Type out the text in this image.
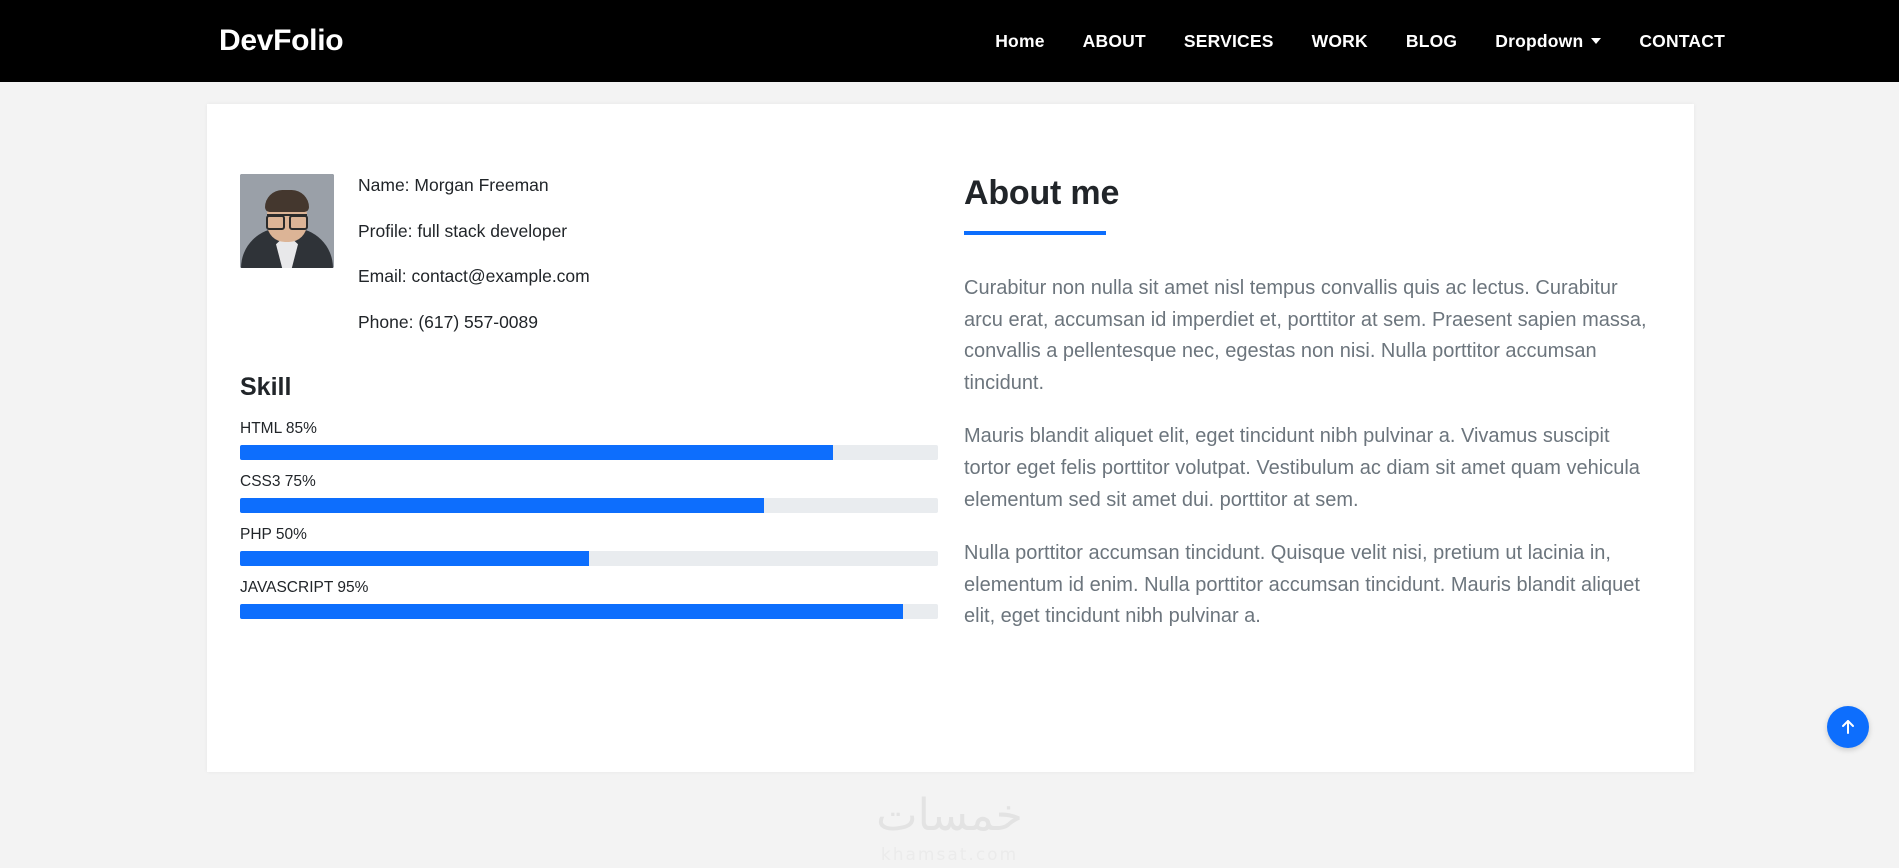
DevFolio	Home	ABOUT	SERVICES	WORK	BLOG	Dropdown	CONTACT
Name: Morgan Freeman
Profile: full stack developer
Email: contact@example.com
Phone: (617) 557-0089
Skill
HTML 85%
CSS3 75%
PHP 50%
JAVASCRIPT 95%
About me

Curabitur non nulla sit amet nisl tempus convallis quis ac lectus. Curabitur arcu erat, accumsan id imperdiet et, porttitor at sem. Praesent sapien massa, convallis a pellentesque nec, egestas non nisi. Nulla porttitor accumsan tincidunt.

Mauris blandit aliquet elit, eget tincidunt nibh pulvinar a. Vivamus suscipit tortor eget felis porttitor volutpat. Vestibulum ac diam sit amet quam vehicula elementum sed sit amet dui. porttitor at sem.

Nulla porttitor accumsan tincidunt. Quisque velit nisi, pretium ut lacinia in, elementum id enim. Nulla porttitor accumsan tincidunt. Mauris blandit aliquet elit, eget tincidunt nibh pulvinar a.

خمسات
khamsat.com
